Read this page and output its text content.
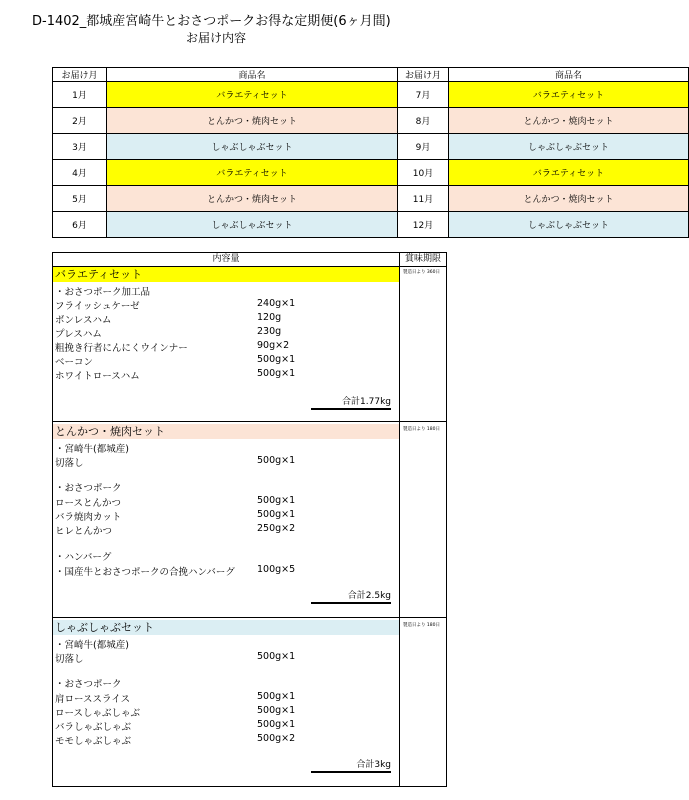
D-1402_都城産宮崎牛とおさつポークお得な定期便(6ヶ月間)
お届け内容
お届け月	商品名	お届け月	商品名
1月	バラエティセット	7月	バラエティセット
2月	とんかつ・焼肉セット	8月	とんかつ・焼肉セット
3月	しゃぶしゃぶセット	9月	しゃぶしゃぶセット
4月	バラエティセット	10月	バラエティセット
5月	とんかつ・焼肉セット	11月	とんかつ・焼肉セット
6月	しゃぶしゃぶセット	12月	しゃぶしゃぶセット
内容量	賞味期限
バラエティセット
・おさつポーク加工品
フライッシュケーゼ	240g×1
ボンレスハム	120g
プレスハム	230g
粗挽き行者にんにくウインナー	90g×2
ベーコン	500g×1
ホワイトロースハム	500g×1
合計1.77kg
製造日より 360日
とんかつ・焼肉セット
・宮崎牛(都城産)
切落し	500g×1
・おさつポーク
ロースとんかつ	500g×1
バラ焼肉カット	500g×1
ヒレとんかつ	250g×2
・ハンバーグ
・国産牛とおさつポークの合挽ハンバーグ 100g×5
合計2.5kg
製造日より 180日
しゃぶしゃぶセット
・宮崎牛(都城産)
切落し	500g×1
・おさつポーク
肩ローススライス	500g×1
ロースしゃぶしゃぶ	500g×1
バラしゃぶしゃぶ	500g×1
モモしゃぶしゃぶ	500g×2
合計3kg
製造日より 180日
